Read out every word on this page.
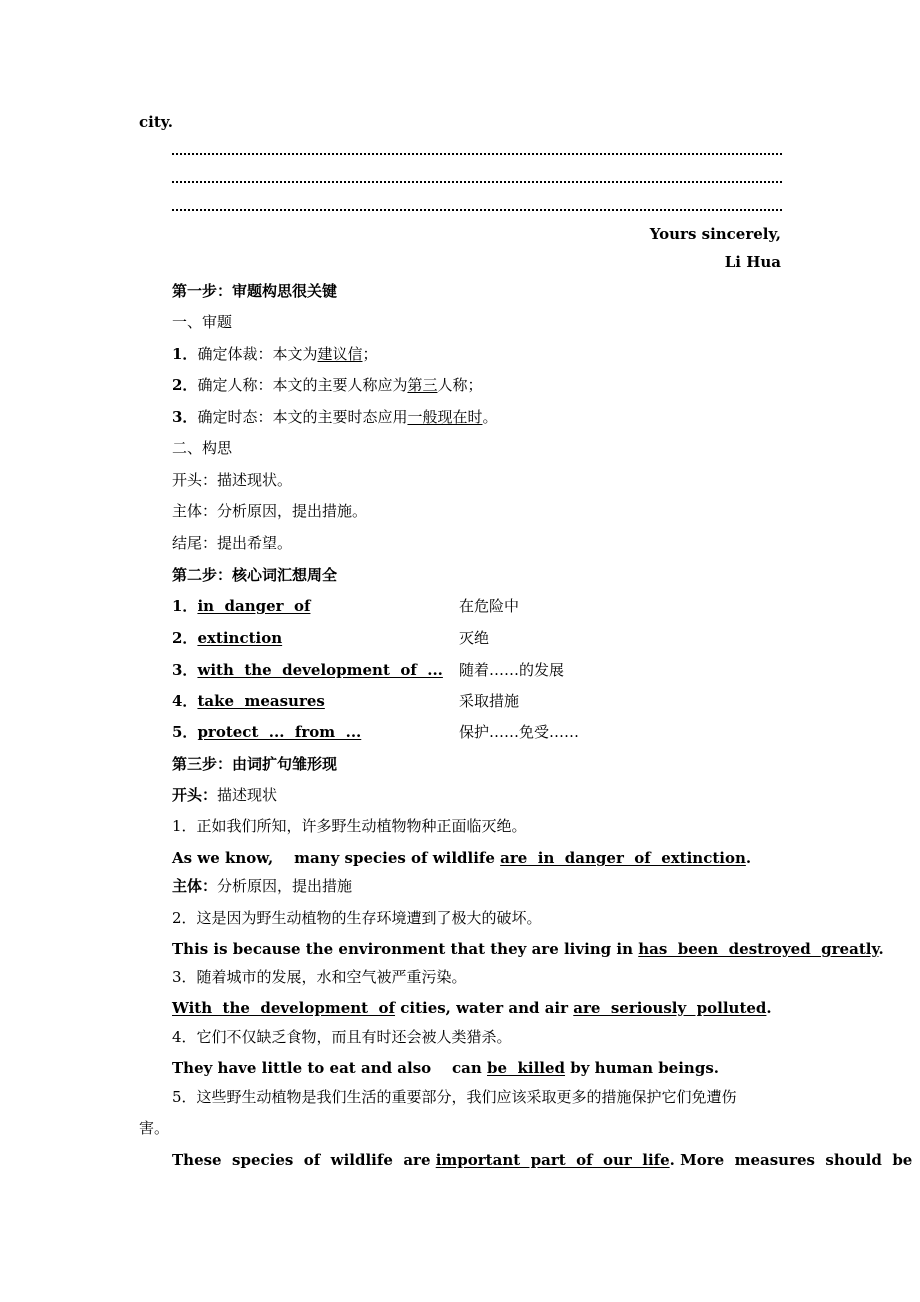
city.
Yours sincerely,
Li Hua
第一步：审题构思很关键
一、审题
1．确定体裁：本文为建议信；
2．确定人称：本文的主要人称应为第三人称；
3．确定时态：本文的主要时态应用一般现在时。
二、构思
开头：描述现状。
主体：分析原因，提出措施。
结尾：提出希望。
第二步：核心词汇想周全
1．in  danger  of	在危险中
2．extinction	灭绝
3．with  the  development  of  ... 随着……的发展
4．take  measures	采取措施
5．protect  ...  from  ...	保护……免受……
第三步：由词扩句雏形现
开头：描述现状
1．正如我们所知，许多野生动植物物种正面临灭绝。
As we know,    many species of wildlife are  in  danger  of  extinction.
主体：分析原因，提出措施
2．这是因为野生动植物的生存环境遭到了极大的破坏。
This is because the environment that they are living in has  been  destroyed  greatly.
3．随着城市的发展，水和空气被严重污染。
With  the  development  of cities, water and air are  seriously  polluted.
4．它们不仅缺乏食物，而且有时还会被人类猎杀。
They have little to eat and also    can be  killed by human beings.
5．这些野生动植物是我们生活的重要部分，我们应该采取更多的措施保护它们免遭伤
害。
These  species  of  wildlife  are important  part  of  our  life. More  measures  should  be
